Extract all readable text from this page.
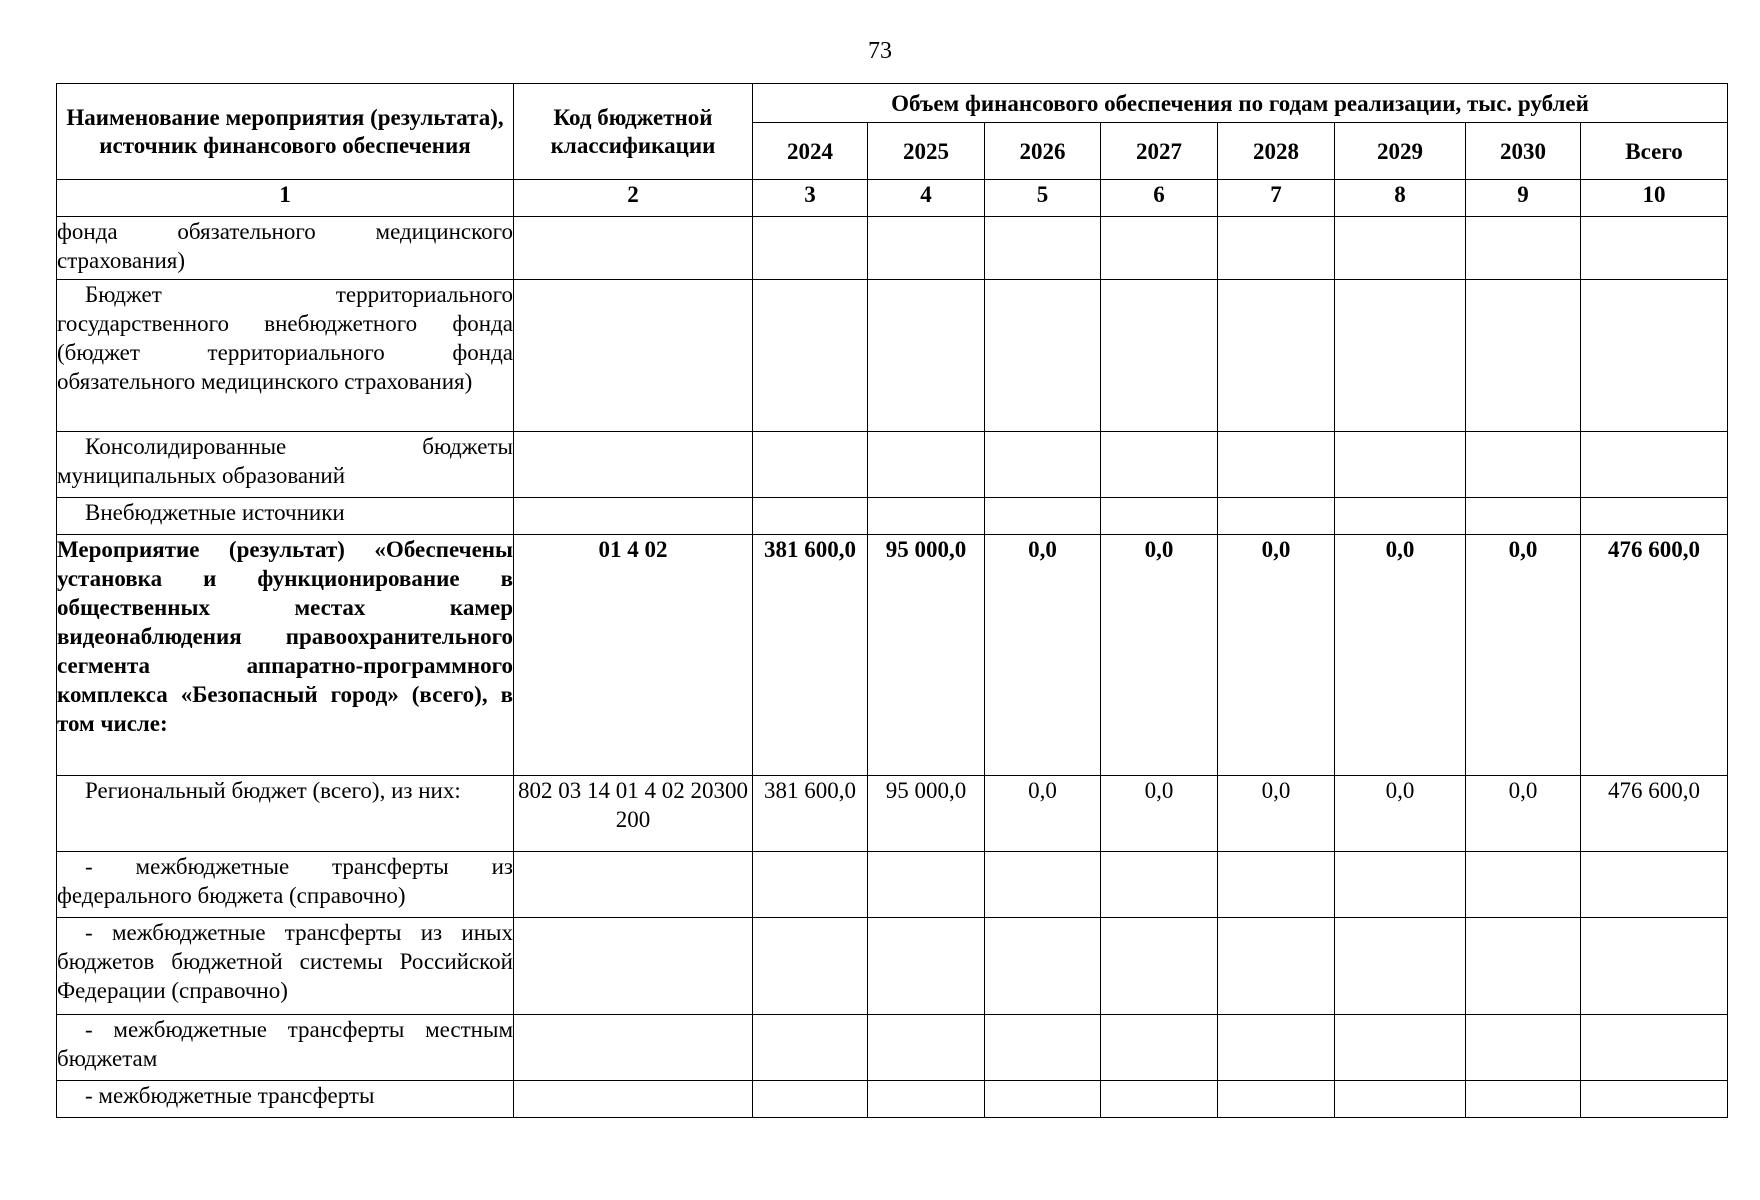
73
Наименование мероприятия (результата), источник финансового обеспечения	Код бюджетной классификации	Объем финансового обеспечения по годам реализации, тыс. рублей							
		2024	2025	2026	2027	2028	2029	2030	Всего
1	2	3	4	5	6	7	8	9	10
фонда обязательного медицинского страхования)									
Бюджет территориального государственного внебюджетного фонда (бюджет территориального фонда обязательного медицинского страхования)									
Консолидированные бюджеты муниципальных образований									
Внебюджетные источники									
Мероприятие (результат) «Обеспечены установка и функционирование в общественных местах камер видеонаблюдения правоохранительного сегмента аппаратно-программного комплекса «Безопасный город» (всего), в том числе:	01 4 02	381 600,0	95 000,0	0,0	0,0	0,0	0,0	0,0	476 600,0
Региональный бюджет (всего), из них:	802 03 14 01 4 02 20300 200	381 600,0	95 000,0	0,0	0,0	0,0	0,0	0,0	476 600,0
- межбюджетные трансферты из федерального бюджета (справочно)									
- межбюджетные трансферты из иных бюджетов бюджетной системы Российской Федерации (справочно)									
- межбюджетные трансферты местным бюджетам									
- межбюджетные трансферты									
